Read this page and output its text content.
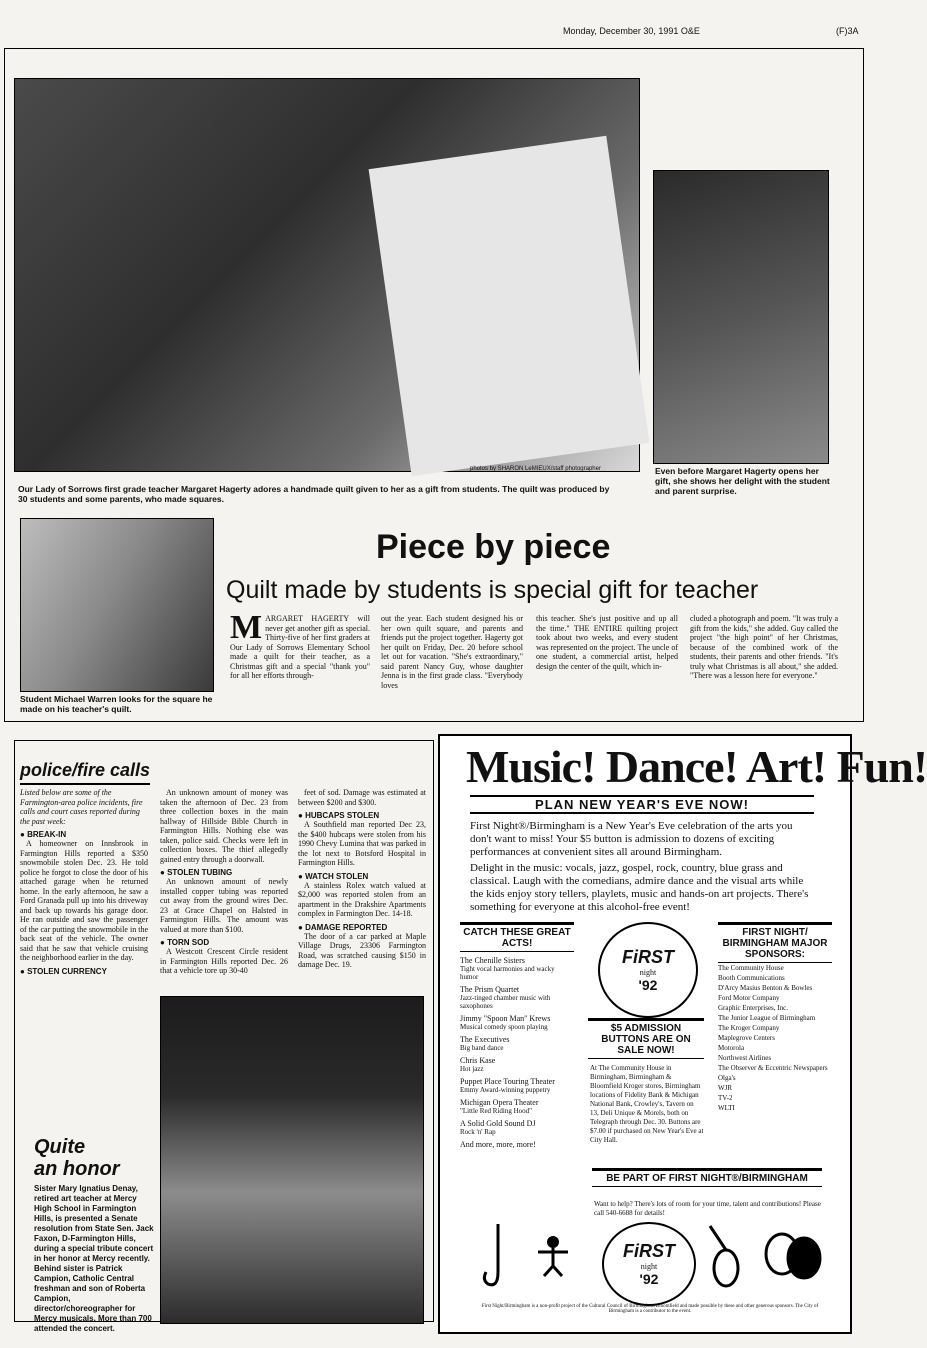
Monday, December 30, 1991 O&E	(F)3A
photos by SHARON LeMIEUX/staff photographer
Our Lady of Sorrows first grade teacher Margaret Hagerty adores a handmade quilt given to her as a gift from students. The quilt was produced by 30 students and some parents, who made squares.
Even before Margaret Hagerty opens her gift, she shows her delight with the student and parent surprise.
Student Michael Warren looks for the square he made on his teacher's quilt.
Piece by piece
Quilt made by students is special gift for teacher
M ARGARET HAGERTY will never get another gift as special. Thirty-five of her first graders at Our Lady of Sorrows Elementary School made a quilt for their teacher, as a Christmas gift and a special "thank you" for all her efforts through-
out the year. Each student designed his or her own quilt square, and parents and friends put the project together. Hagerty got her quilt on Friday, Dec. 20 before school let out for vacation. "She's extraordinary," said parent Nancy Guy, whose daughter Jenna is in the first grade class. "Everybody loves
this teacher. She's just positive and up all the time." THE ENTIRE quilting project took about two weeks, and every student was represented on the project. The uncle of one student, a commercial artist, helped design the center of the quilt, which in-
cluded a photograph and poem. "It was truly a gift from the kids," she added. Guy called the project "the high point" of her Christmas, because of the combined work of the students, their parents and other friends. "It's truly what Christmas is all about," she added. "There was a lesson here for everyone."
police/fire calls
Listed below are some of the Farmington-area police incidents, fire calls and court cases reported during the past week:
● BREAK-IN
A homeowner on Innsbrook in Farmington Hills reported a $350 snowmobile stolen Dec. 23. He told police he forgot to close the door of his attached garage when he returned home. In the early afternoon, he saw a Ford Granada pull up into his driveway and back up towards his garage door. He ran outside and saw the passenger of the car putting the snowmobile in the back seat of the vehicle. The owner said that he saw that vehicle cruising the neighborhood earlier in the day.
● STOLEN CURRENCY
An unknown amount of money was taken the afternoon of Dec. 23 from three collection boxes in the main hallway of Hillside Bible Church in Farmington Hills. Nothing else was taken, police said. Checks were left in collection boxes. The thief allegedly gained entry through a doorwall.
● STOLEN TUBING
An unknown amount of newly installed copper tubing was reported cut away from the ground wires Dec. 23 at Grace Chapel on Halsted in Farmington Hills. The amount was valued at more than $100.
● TORN SOD
A Westcott Crescent Circle resident in Farmington Hills reported Dec. 26 that a vehicle tore up 30-40
feet of sod. Damage was estimated at between $200 and $300.
● HUBCAPS STOLEN
A Southfield man reported Dec 23, the $400 hubcaps were stolen from his 1990 Chevy Lumina that was parked in the lot next to Botsford Hospital in Farmington Hills.
● WATCH STOLEN
A stainless Rolex watch valued at $2,000 was reported stolen from an apartment in the Drakshire Apartments complex in Farmington Dec. 14-18.
● DAMAGE REPORTED
The door of a car parked at Maple Village Drugs, 23306 Farmington Road, was scratched causing $150 in damage Dec. 19.
Quite
an honor
Sister Mary Ignatius Denay, retired art teacher at Mercy High School in Farmington Hills, is presented a Senate resolution from State Sen. Jack Faxon, D-Farmington Hills, during a special tribute concert in her honor at Mercy recently. Behind sister is Patrick Campion, Catholic Central freshman and son of Roberta Campion, director/choreographer for Mercy musicals. More than 700 attended the concert.
Music! Dance! Art! Fun!
PLAN NEW YEAR'S EVE NOW!
First Night®/Birmingham is a New Year's Eve celebration of the arts you don't want to miss! Your $5 button is admission to dozens of exciting performances at convenient sites all around Birmingham.
Delight in the music: vocals, jazz, gospel, rock, country, blue grass and classical. Laugh with the comedians, admire dance and the visual arts while the kids enjoy story tellers, playlets, music and hands-on art projects. There's something for everyone at this alcohol-free event!
CATCH THESE GREAT ACTS!
The Chenille Sisters
Tight vocal harmonies and wacky humor
The Prism Quartet
Jazz-tinged chamber music with saxophones
Jimmy "Spoon Man" Krews
Musical comedy spoon playing
The Executives
Big band dance
Chris Kase
Hot jazz
Puppet Place Touring Theater
Emmy Award-winning puppetry
Michigan Opera Theater
"Little Red Riding Hood"
A Solid Gold Sound DJ
Rock 'n' Rap
And more, more, more!
FiRST
night
'92
$5 ADMISSION BUTTONS ARE ON SALE NOW!
At The Community House in Birmingham, Birmingham & Bloomfield Kroger stores, Birmingham locations of Fidelity Bank & Michigan National Bank, Crowley's, Tavern on 13, Deli Unique & Morels, both on Telegraph through Dec. 30. Buttons are $7.00 if purchased on New Year's Eve at City Hall.
FIRST NIGHT/ BIRMINGHAM MAJOR SPONSORS:
The Community House
Booth Communications
D'Arcy Masius Benton & Bowles
Ford Motor Company
Graphic Enterprises, Inc.
The Junior League of Birmingham
The Kroger Company
Maplegrove Centers
Motorola
Northwest Airlines
The Observer & Eccentric Newspapers
Olga's
WJR
TV-2
WLTI
BE PART OF FIRST NIGHT®/BIRMINGHAM
Want to help? There's lots of room for your time, talent and contributions! Please call 540-6688 for details!
FiRST
night
'92
First Night/Birmingham is a non-profit project of the Cultural Council of Birmingham/Bloomfield and made possible by these and other generous sponsors. The City of Birmingham is a contributor to the event.
